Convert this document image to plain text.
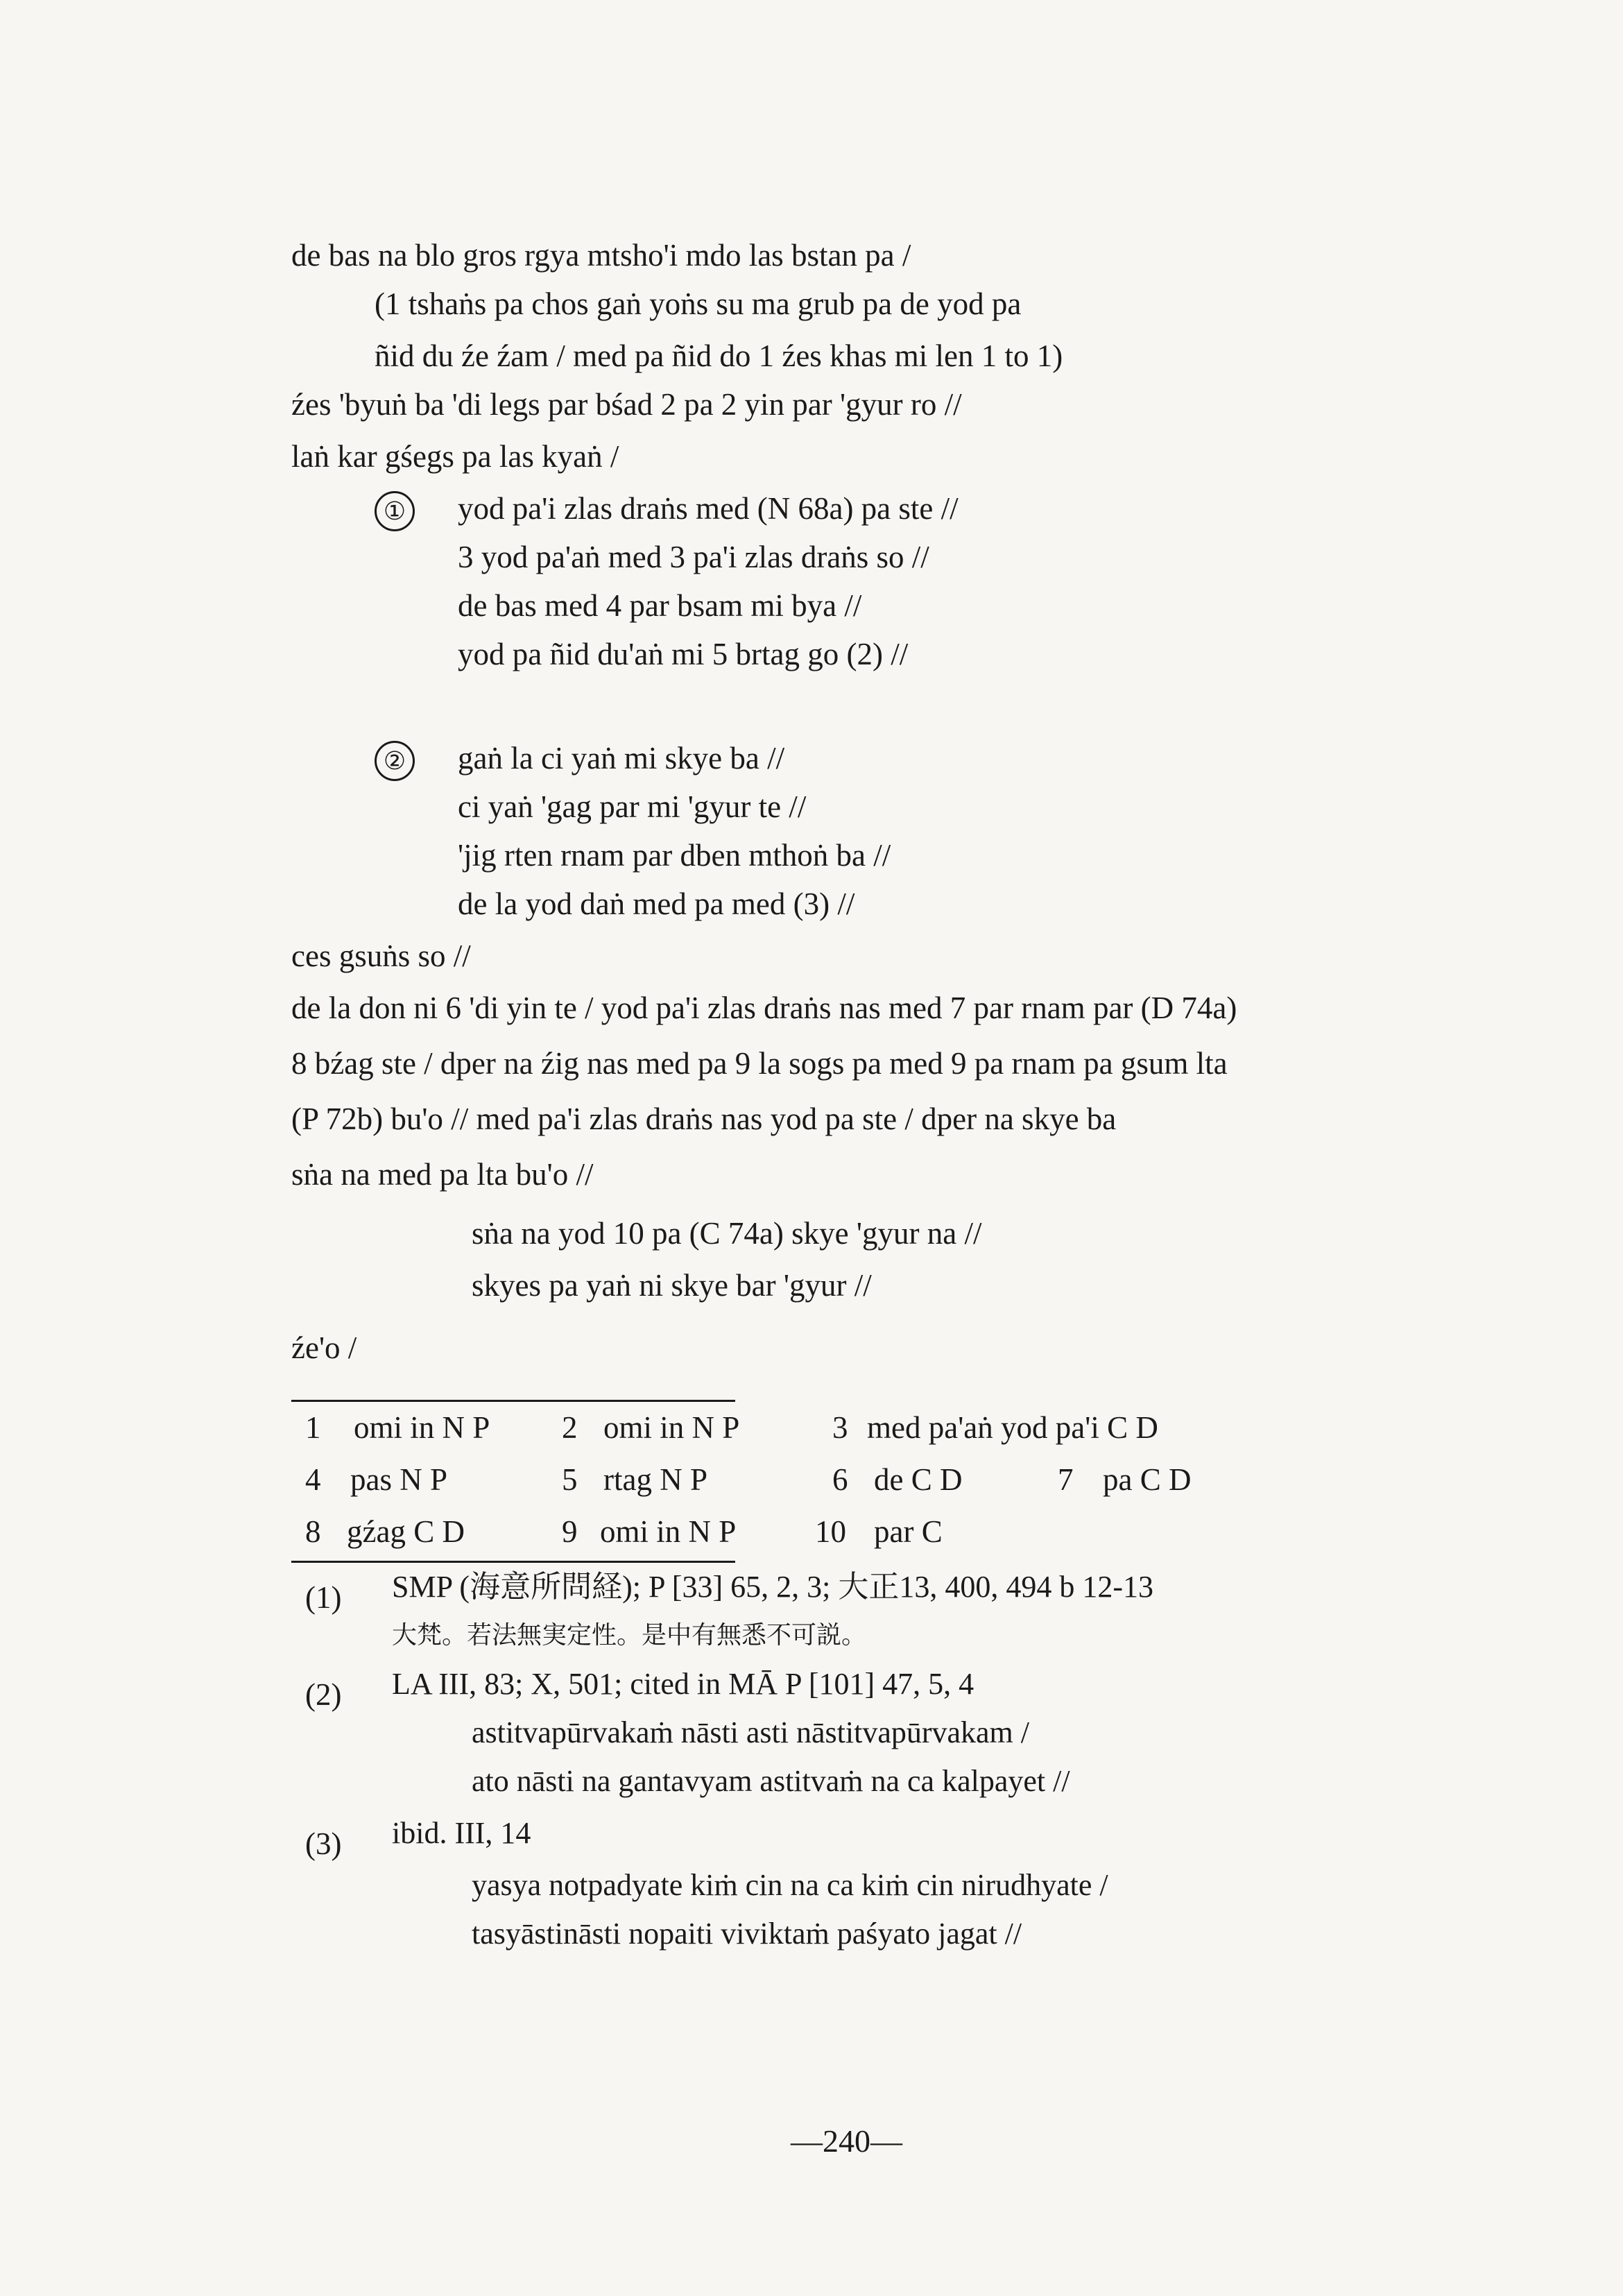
de bas na blo gros rgya mtsho'i mdo las bstan pa /
(1 tshaṅs pa chos gaṅ yoṅs su ma grub pa de yod pa
ñid du źe źam / med pa ñid do 1 źes khas mi len 1 to 1)
źes 'byuṅ ba 'di legs par bśad 2 pa 2 yin par 'gyur ro //
laṅ kar gśegs pa las kyaṅ /
① yod pa'i zlas draṅs med (N 68a) pa ste //
3 yod pa'aṅ med 3 pa'i zlas draṅs so //
de bas med 4 par bsam mi bya //
yod pa ñid du'aṅ mi 5 brtag go (2) //
② gaṅ la ci yaṅ mi skye ba //
ci yaṅ 'gag par mi 'gyur te //
'jig rten rnam par dben mthoṅ ba //
de la yod daṅ med pa med (3) //
ces gsuṅs so //
de la don ni 6 'di yin te / yod pa'i zlas draṅs nas med 7 par rnam par (D 74a)
8 bźag ste / dper na źig nas med pa 9 la sogs pa med 9 pa rnam pa gsum lta
(P 72b) bu'o // med pa'i zlas draṅs nas yod pa ste / dper na skye ba
sṅa na med pa lta bu'o //
sṅa na yod 10 pa (C 74a) skye 'gyur na //
skyes pa yaṅ ni skye bar 'gyur //
źe'o /
1 omi in N P 2 omi in N P	3 med pa'aṅ yod pa'i C D
4 pas N P	5 rtag N P	6 de C D	7 pa C D
8 gźag C D	9 omi in N P	10 par C
(1) SMP (海意所問経); P [33] 65, 2, 3; 大正13, 400, 494 b 12-13
大梵。若法無実定性。是中有無悉不可説。
(2) LA III, 83; X, 501; cited in MĀ P [101] 47, 5, 4
astitvapūrvakaṁ nāsti asti nāstitvapūrvakam /
ato nāsti na gantavyam astitvaṁ na ca kalpayet //
(3) ibid. III, 14
yasya notpadyate kiṁ cin na ca kiṁ cin nirudhyate /
tasyāstināsti nopaiti viviktaṁ paśyato jagat //
—240—
